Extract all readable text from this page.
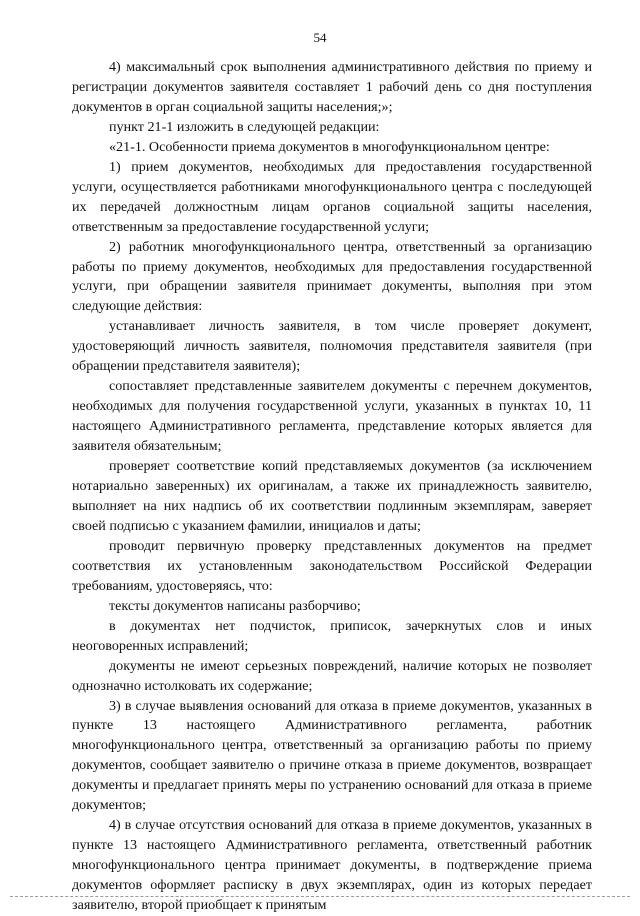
54

4) максимальный срок выполнения административного действия по приему и регистрации документов заявителя составляет 1 рабочий день со дня поступления документов в орган социальной защиты населения;»;

пункт 21-1 изложить в следующей редакции:

«21-1. Особенности приема документов в многофункциональном центре:

1) прием документов, необходимых для предоставления государственной услуги, осуществляется работниками многофункционального центра с последующей их передачей должностным лицам органов социальной защиты населения, ответственным за предоставление государственной услуги;

2) работник многофункционального центра, ответственный за организацию работы по приему документов, необходимых для предоставления государственной услуги, при обращении заявителя принимает документы, выполняя при этом следующие действия:

устанавливает личность заявителя, в том числе проверяет документ, удостоверяющий личность заявителя, полномочия представителя заявителя (при обращении представителя заявителя);

сопоставляет представленные заявителем документы с перечнем документов, необходимых для получения государственной услуги, указанных в пунктах 10, 11 настоящего Административного регламента, представление которых является для заявителя обязательным;

проверяет соответствие копий представляемых документов (за исключением нотариально заверенных) их оригиналам, а также их принадлежность заявителю, выполняет на них надпись об их соответствии подлинным экземплярам, заверяет своей подписью с указанием фамилии, инициалов и даты;

проводит первичную проверку представленных документов на предмет соответствия их установленным законодательством Российской Федерации требованиям, удостоверяясь, что:

тексты документов написаны разборчиво;

в документах нет подчисток, приписок, зачеркнутых слов и иных неоговоренных исправлений;

документы не имеют серьезных повреждений, наличие которых не позволяет однозначно истолковать их содержание;

3) в случае выявления оснований для отказа в приеме документов, указанных в пункте 13 настоящего Административного регламента, работник многофункционального центра, ответственный за организацию работы по приему документов, сообщает заявителю о причине отказа в приеме документов, возвращает документы и предлагает принять меры по устранению оснований для отказа в приеме документов;

4) в случае отсутствия оснований для отказа в приеме документов, указанных в пункте 13 настоящего Административного регламента, ответственный работник многофункционального центра принимает документы, в подтверждение приема документов оформляет расписку в двух экземплярах, один из которых передает заявителю, второй приобщает к принятым
